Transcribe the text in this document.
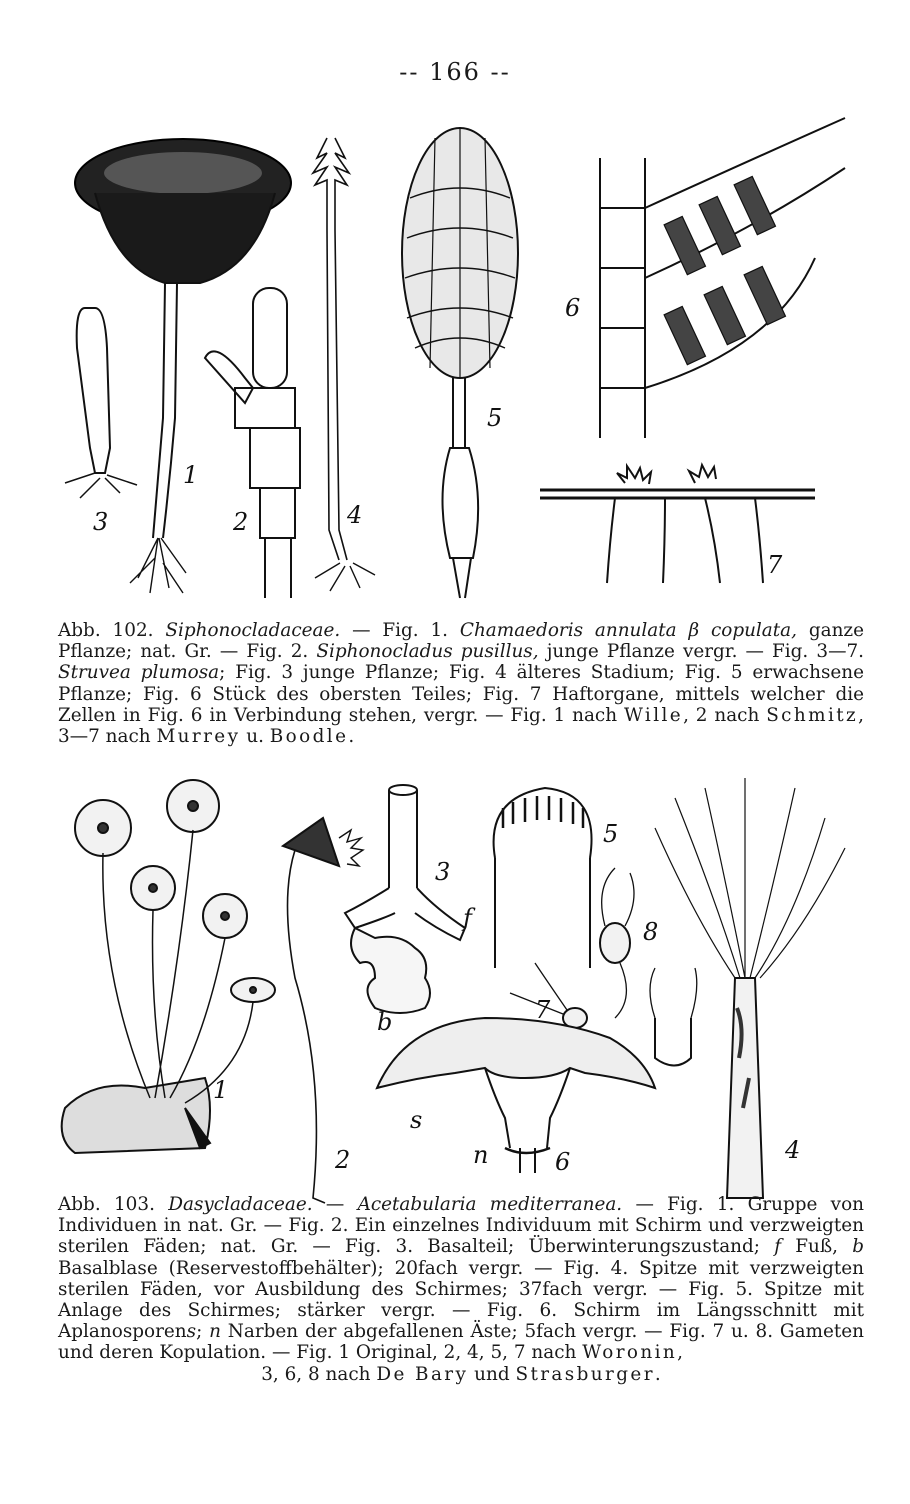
-- 166 --
1
2
3	4
5
6
7
Abb. 102. Siphonocladaceae. — Fig. 1. Chamaedoris annulata β copulata, ganze Pflanze; nat. Gr. — Fig. 2. Siphonocladus pusillus, junge Pflanze vergr. — Fig. 3—7. Struvea plumosa; Fig. 3 junge Pflanze; Fig. 4 älteres Stadium; Fig. 5 erwachsene Pflanze; Fig. 6 Stück des obersten Teiles; Fig. 7 Haftorgane, mittels welcher die Zellen in Fig. 6 in Verbindung stehen, vergr. — Fig. 1 nach Wille, 2 nach Schmitz, 3—7 nach Murrey u. Boodle.
1
2
3
f
b
5
8
7
4
s
n	6
Abb. 103. Dasycladaceae. — Acetabularia mediterranea. — Fig. 1. Gruppe von Individuen in nat. Gr. — Fig. 2. Ein einzelnes Individuum mit Schirm und verzweigten sterilen Fäden; nat. Gr. — Fig. 3. Basalteil; Überwinterungszustand; f Fuß, b Basalblase (Reservestoffbehälter); 20fach vergr. — Fig. 4. Spitze mit verzweigten sterilen Fäden, vor Ausbildung des Schirmes; 37fach vergr. — Fig. 5. Spitze mit Anlage des Schirmes; stärker vergr. — Fig. 6. Schirm im Längsschnitt mit Aplanosporens; n Narben der abgefallenen Äste; 5fach vergr. — Fig. 7 u. 8. Gameten und deren Kopulation. — Fig. 1 Original, 2, 4, 5, 7 nach Woronin,
3, 6, 8 nach De Bary und Strasburger.
